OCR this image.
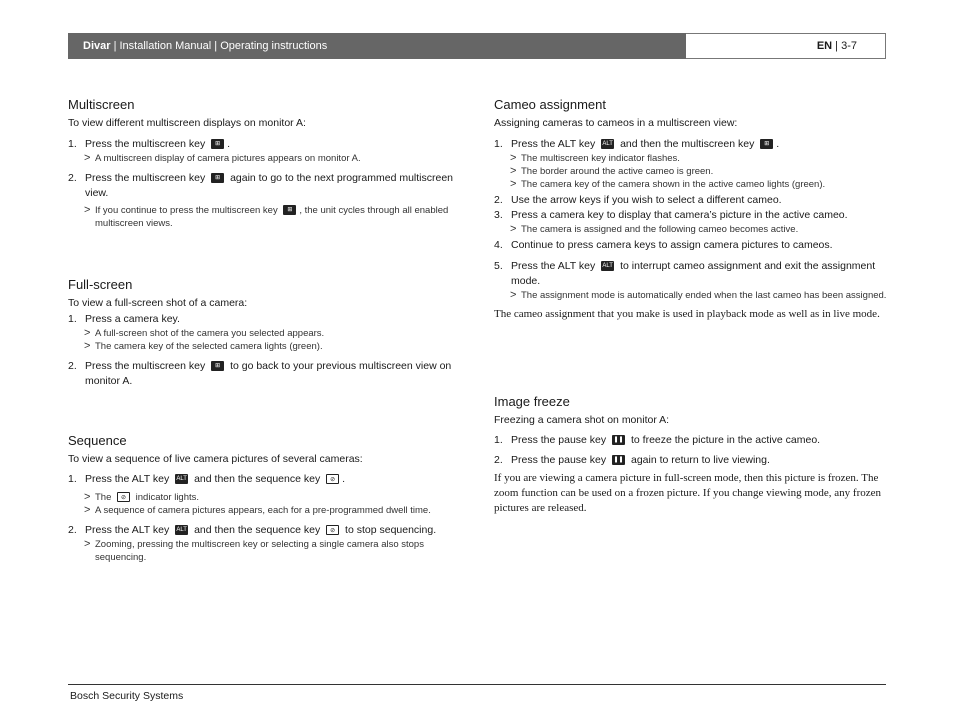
Divar | Installation Manual | Operating instructions	EN | 3-7
Multiscreen
To view different multiscreen displays on monitor A:
1. Press the multiscreen key ⊞ .
> A multiscreen display of camera pictures appears on monitor A.
2. Press the multiscreen key ⊞ again to go to the next programmed multiscreen view.
> If you continue to press the multiscreen key ⊞ , the unit cycles through all enabled multiscreen views.
Full-screen
To view a full-screen shot of a camera:
1. Press a camera key.
> A full-screen shot of the camera you selected appears.
> The camera key of the selected camera lights (green).
2. Press the multiscreen key ⊞ to go back to your previous multiscreen view on monitor A.
Sequence
To view a sequence of live camera pictures of several cameras:
1. Press the ALT key ALT and then the sequence key ⊘ .
> The ⊘ indicator lights.
> A sequence of camera pictures appears, each for a pre-programmed dwell time.
2. Press the ALT key ALT and then the sequence key ⊘ to stop sequencing.
> Zooming, pressing the multiscreen key or selecting a single camera also stops sequencing.
Cameo assignment
Assigning cameras to cameos in a multiscreen view:
1. Press the ALT key ALT and then the multiscreen key ⊞ .
> The multiscreen key indicator flashes.
> The border around the active cameo is green.
> The camera key of the camera shown in the active cameo lights (green).
2. Use the arrow keys if you wish to select a different cameo.
3. Press a camera key to display that camera’s picture in the active cameo.
> The camera is assigned and the following cameo becomes active.
4. Continue to press camera keys to assign camera pictures to cameos.
5. Press the ALT key ALT to interrupt cameo assignment and exit the assignment mode.
> The assignment mode is automatically ended when the last cameo has been assigned.
The cameo assignment that you make is used in playback mode as well as in live mode.
Image freeze
Freezing a camera shot on monitor A:
1. Press the pause key ❚❚ to freeze the picture in the active cameo.
2. Press the pause key ❚❚ again to return to live viewing.
If you are viewing a camera picture in full-screen mode, then this picture is frozen. The zoom function can be used on a frozen picture. If you change viewing mode, any frozen pictures are released.
Bosch Security Systems
